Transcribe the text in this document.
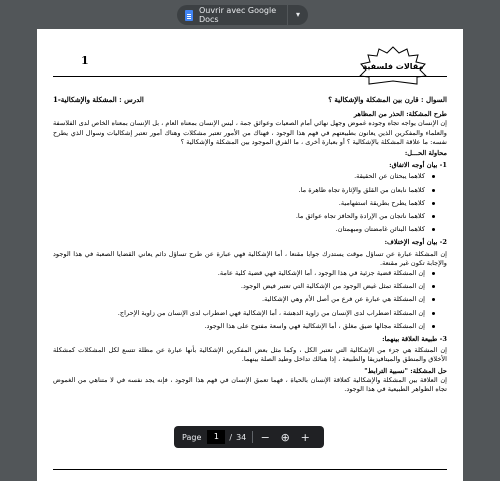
Ouvrir avec Google Docs
▾
1	مقالات فلسفية
السوال : قارن بين المشكلة والإشكالية ؟
الدرس : المشكلة والإشكالية-1
طرح المشكلة: الحذر من المظاهر
إن الإنسان يواجه تجاه وجوده غموض وجهل نهائي أمام الصعيات وعوائق جمة ، ليس الإنسان بمعناه العام ، بل الإنسان بمعناه الخاص لدى الفلاسفة والعلماء والمفكرين الذين يعانون بطبيعتهم في فهم هذا الوجود ، فهناك من الأمور تعتبر مشكلات وهناك أمور تعتبر إشكاليات وسوال الذي يطرح نفسه: ما علاقة المشكلة بالإشكالية ؟ أو بعبارة أخرى ، ما الفرق الموجود بين المشكلة والإشكالية ؟
محاولة الحـــل:
1- بيان أوجه الاتفاق:
كلاهما يبحثان عن الحقيقة.
كلاهما نابعان من القلق والإثارة تجاه ظاهرة ما.
كلاهما يطرح بطريقة استفهامية.
كلاهما ناتجان من الإرادة والحافز تجاه عوائق ما.
كلاهما البنائن غامضتان ومبهمتان.
2- بيان أوجه الإختلاف:
إن المشكلة عبارة عن تساؤل موقت يستدرك جوابا مقنعا ، أما الإشكالية فهي عبارة عن طرح تساؤل دائم يعاني القضايا الصعبة في هذا الوجود والإجابة تكون غير مقنعة.
إن المشكلة قضية جزئية في هذا الوجود ، أما الإشكالية فهي قضية كلية عامة.
إن المشكلة تمثل غيض الوجود من الإشكالية التي تعتبر فيض الوجود.
إن المشكلة هي عبارة عن فرع من أصل الأم وهي الإشكالية.
إن المشكلة اضطراب لدى الإنسان من زاوية الدهشة ، أما الإشكالية فهي اضطراب لدى الإنسان من زاوية الإحراج.
إن المشكلة مجالها ضيق مغلق ، أما الإشكالية فهي واسعة مفتوح على هذا الوجود.
3- طبيعة العلاقة بينهما:
إن المشكلة هي جزء من الإشكالية التي تعتبر الكل ، وكما مثل بعض المفكرين الإشكالية بأنها عبارة عن مظلة تتسع لكل المشكلات كمشكلة الأخلاق والمنطق والميتافيزيقا والطبيعة ، إذا هنالك تداخل وطيد الصلة بينهما.
حل المشكلة: "نسبية الترابط"
إن العلاقة بين المشكلة والإشكالية كعلاقة الإنسان بالحياة ، فهما تعمق الإنسان في فهم هذا الوجود ، فإنه يجد نفسه في لا متناهي من الغموض تجاه الظواهر الطبيعية في هذا الوجود.
Page	1	/ 34 − ⊕ +
